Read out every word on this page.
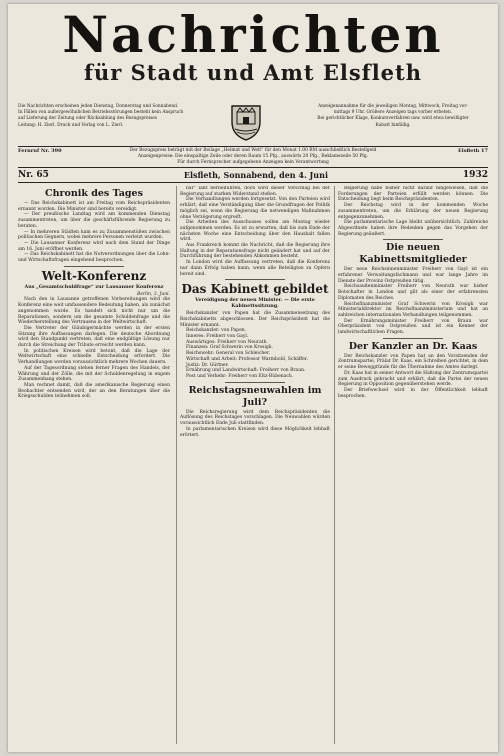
Nachrichten
für Stadt und Amt Elsfleth

Die Nachrichten erscheinen jeden Dienstag, Donnerstag und Sonnabend.

In Fällen von außergewöhnlichen Betriebsstörungen besteht kein Anspruch

auf Lieferung der Zeitung oder Rückzahlung des Bezugspreises

Leitung: H. Zierl. Druck und Verlag von L. Zierl.

Anzeigenannahme für die jeweiligen Montag, Mittwoch, Freitag vor-

mittags 9 Uhr. Größere Anzeigen tags vorher erbeten.

Bei gerichtlicher Klage, Konkursverfahren usw. wird etwa bewilligter

Rabatt hinfällig.

Fernruf Nr. 390	Der Bezugspreis beträgt mit der Beilage „Heimat und Welt“ für den Monat 1.00 RM ausschließlich Bestellgeld
Anzeigenpreise: Die einspaltige Zeile oder deren Raum 15 Pfg., auswärts 20 Pfg., Reklamezeile 50 Pfg.
Für durch Fernsprecher aufgegebene Anzeigen kein Verantwortung
Elsfleth 17
Nr. 65	Elsfleth, Sonnabend, den 4. Juni	1932
Chronik des Tages

— Das Reichskabinett ist am Freitag vom Reichspräsidenten ernannt worden. Die Minister sind bereits vereidigt.

— Der preußische Landtag wird am kommenden Dienstag zusammentreten, um über die geschäftsführende Regierung zu beraten.

— In mehreren Städten kam es zu Zusammenstößen zwischen politischen Gegnern, wobei mehrere Personen verletzt wurden.

— Die Lausanner Konferenz wird nach dem Stand der Dinge am 16. Juni eröffnet werden.

— Das Reichskabinett hat die Notverordnungen über die Lohn- und Wirtschaftsfragen eingehend besprochen.

Welt-Konferenz
Aus „Gesamtschuldfrage“ zur Lausanner Konferenz

Berlin, 3. Juni.

Nach den in Lausanne getroffenen Vorbereitungen wird die Konferenz eine weit umfassendere Bedeutung haben, als zunächst angenommen wurde. Es handelt sich nicht nur um die Reparationen, sondern um die gesamte Schuldenfrage und die Wiederherstellung des Vertrauens in der Weltwirtschaft.

Die Vertreter der Gläubigermächte werden in der ersten Sitzung ihre Auffassungen darlegen. Die deutsche Abordnung wird den Standpunkt vertreten, daß eine endgültige Lösung nur durch die Streichung der Tribute erreicht werden kann.

In politischen Kreisen wird betont, daß die Lage der Weltwirtschaft eine schnelle Entscheidung erfordert. Die Verhandlungen werden voraussichtlich mehrere Wochen dauern.

Auf der Tagesordnung stehen ferner Fragen des Handels, der Währung und der Zölle, die mit der Schuldenregelung in engem Zusammenhang stehen.

Man rechnet damit, daß die amerikanische Regierung einen Beobachter entsenden wird, der an den Beratungen über die Kriegsschulden teilnehmen soll.

bar“ läßt herbeiführen, doch wird dieser Vorschlag bei der Regierung auf starken Widerstand stoßen.

Die Verhandlungen werden fortgesetzt. Von den Parteien wird erklärt, daß eine Verständigung über die Grundfragen der Politik möglich sei, wenn die Regierung die notwendigen Maßnahmen ohne Verzögerung ergreift.

Die Arbeiten des Ausschusses sollen am Montag wieder aufgenommen werden. Es ist zu erwarten, daß bis zum Ende der nächsten Woche eine Entscheidung über den Haushalt fallen wird.

Aus Frankreich kommt die Nachricht, daß die Regierung ihre Haltung in der Reparationsfrage nicht geändert hat und auf der Durchführung der bestehenden Abkommen besteht.

In London wird die Auffassung vertreten, daß die Konferenz nur dann Erfolg haben kann, wenn alle Beteiligten zu Opfern bereit sind.

Das Kabinett gebildet
Vereidigung der neuen Minister. — Die erste Kabinettssitzung.

Reichskanzler von Papen hat die Zusammensetzung des Reichskabinetts abgeschlossen. Der Reichspräsident hat die Minister ernannt.

Reichskanzler: von Papen.

Inneres: Freiherr von Gayl.

Auswärtiges: Freiherr von Neurath.

Finanzen: Graf Schwerin von Krosigk.

Reichswehr: General von Schleicher.

Wirtschaft und Arbeit: Professor Warmbold, Schäffer.

Justiz: Dr. Gürtner.

Ernährung und Landwirtschaft: Freiherr von Braun.

Post und Verkehr: Freiherr von Eltz-Rübenach.

Reichstagsneuwahlen im Juli?

Die Reichsregierung wird dem Reichspräsidenten die Auflösung des Reichstages vorschlagen. Die Neuwahlen würden voraussichtlich Ende Juli stattfinden.

In parlamentarischen Kreisen wird diese Möglichkeit lebhaft erörtert.

Regierung habe bisher nicht darauf hingewiesen, daß die Forderungen der Parteien erfüllt werden können. Die Entscheidung liegt beim Reichspräsidenten.

Der Reichstag wird in der kommenden Woche zusammentreten, um die Erklärung der neuen Regierung entgegenzunehmen.

Die parlamentarische Lage bleibt unübersichtlich. Zahlreiche Abgeordnete haben ihre Bedenken gegen das Vorgehen der Regierung geäußert.

Die neuen Kabinettsmitglieder

Der neue Reichsinnenminister Freiherr von Gayl ist ein erfahrener Verwaltungsfachmann und war lange Jahre im Dienste der Provinz Ostpreußen tätig.

Reichsaußenminister Freiherr von Neurath war bisher Botschafter in London und gilt als einer der erfahrensten Diplomaten des Reiches.

Reichsfinanzminister Graf Schwerin von Krosigk war Ministerialdirektor im Reichsfinanzministerium und hat an zahlreichen internationalen Verhandlungen teilgenommen.

Der Ernährungsminister Freiherr von Braun war Oberpräsident von Ostpreußen und ist ein Kenner der landwirtschaftlichen Fragen.

Der Kanzler an Dr. Kaas

Der Reichskanzler von Papen hat an den Vorsitzenden der Zentrumspartei, Prälat Dr. Kaas, ein Schreiben gerichtet, in dem er seine Beweggründe für die Übernahme des Amtes darlegt.

Dr. Kaas hat in seiner Antwort die Haltung der Zentrumspartei zum Ausdruck gebracht und erklärt, daß die Partei der neuen Regierung in Opposition gegenüberstehen werde.

Der Briefwechsel wird in der Öffentlichkeit lebhaft besprochen.
